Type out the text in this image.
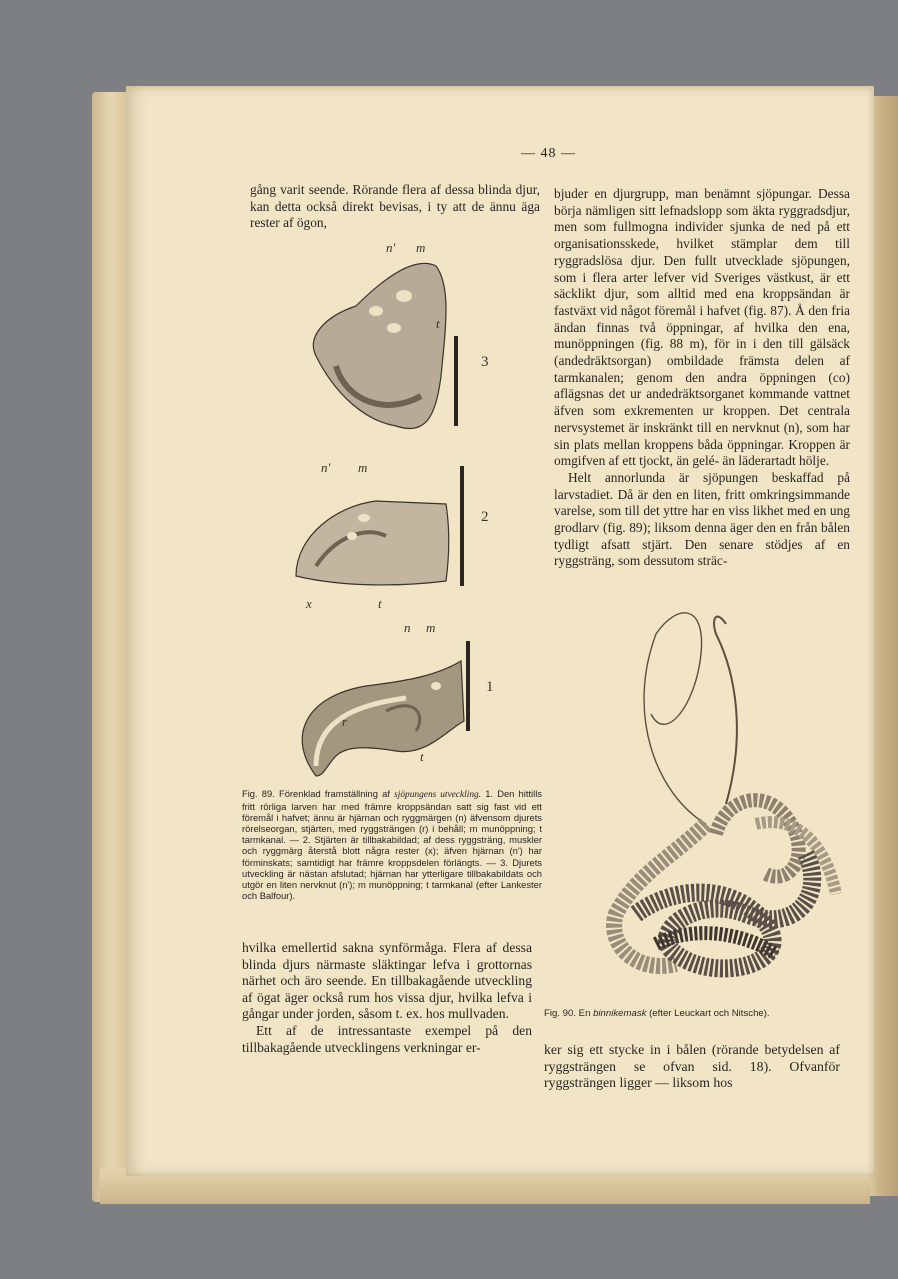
— 48 —

gång varit seende. Rörande flera af dessa blinda djur, kan detta också direkt bevisas, i ty att de ännu äga rester af ögon,

n' m
t
3
n' m
2
x	t
n m
1
r
t
Fig. 89. Förenklad framställning af sjöpungens utveckling. 1. Den hittills fritt rörliga larven har med främre kroppsändan satt sig fast vid ett föremål i hafvet; ännu är hjärnan och ryggmärgen (n) äfvensom djurets rörelseorgan, stjärten, med ryggsträngen (r) i behåll; m munöppning; t tarmkanal. — 2. Stjärten är tillbakabildad; af dess ryggsträng, muskler och ryggmärg återstå blott några rester (x); äfven hjärnan (n') har förminskats; samtidigt har främre kroppsdelen förlängts. — 3. Djurets utveckling är nästan afslutad; hjärnan har ytterligare tillbakabildats och utgör en liten nervknut (n'); m munöppning; t tarmkanal (efter Lankester och Balfour).

hvilka emellertid sakna synförmåga. Flera af dessa blinda djurs närmaste släktingar lefva i grottornas närhet och äro seende. En tillbakagående utveckling af ögat äger också rum hos vissa djur, hvilka lefva i gångar under jorden, såsom t. ex. hos mullvaden.

Ett af de intressantaste exempel på den tillbakagående utvecklingens verkningar er-

bjuder en djurgrupp, man benämnt sjöpungar. Dessa börja nämligen sitt lefnadslopp som äkta ryggradsdjur, men som fullmogna individer sjunka de ned på ett organisationsskede, hvilket stämplar dem till ryggradslösa djur. Den fullt utvecklade sjöpungen, som i flera arter lefver vid Sveriges västkust, är ett säcklikt djur, som alltid med ena kroppsändan är fastväxt vid något föremål i hafvet (fig. 87). Å den fria ändan finnas två öppningar, af hvilka den ena, munöppningen (fig. 88 m), för in i den till gälsäck (andedräktsorgan) ombildade främsta delen af tarmkanalen; genom den andra öppningen (co) aflägsnas det ur andedräktsorganet kommande vattnet äfven som exkrementen ur kroppen. Det centrala nervsystemet är inskränkt till en nervknut (n), som har sin plats mellan kroppens båda öppningar. Kroppen är omgifven af ett tjockt, än gelé- än läderartadt hölje.

Helt annorlunda är sjöpungen beskaffad på larvstadiet. Då är den en liten, fritt omkringsimmande varelse, som till det yttre har en viss likhet med en ung grodlarv (fig. 89); liksom denna äger den en från bålen tydligt afsatt stjärt. Den senare stödjes af en ryggsträng, som dessutom sträc-

Fig. 90. En binnikemask (efter Leuckart och Nitsche).

ker sig ett stycke in i bålen (rörande betydelsen af ryggsträngen se ofvan sid. 18). Ofvanför ryggsträngen ligger — liksom hos
